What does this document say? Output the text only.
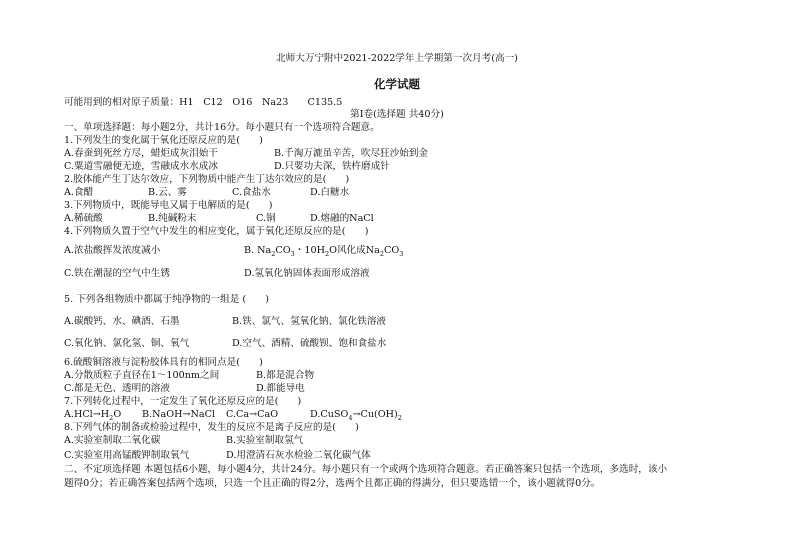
北师大万宁附中2021-2022学年上学期第一次月考(高一)
化学试题
可能用到的相对原子质量：H1　C12　O16　Na23　　C135.5
第Ⅰ卷(选择题 共40分)
一、单项选择题：每小题2分，共计16分。每小题只有一个选项符合题意。
1.下列发生的变化属于氧化还原反应的是(　　)
A.春蚕到死丝方尽，蜡炬成灰泪始干	B.千淘万漉虽辛苦，吹尽狂沙始到金
C.粟道雪融便无迹，雪融成水水成冰	D.只要功夫深，铁杵磨成针
2.胶体能产生丁达尔效应，下列物质中能产生丁达尔效应的是(　　)
A.食醋	B.云、雾	C.食盐水	D.白糖水
3.下列物质中，既能导电又属于电解质的是(　　)
A.稀硫酸	B.纯碱粉末	C.铜	D.熔融的NaCl
4.下列物质久置于空气中发生的相应变化，属于氧化还原反应的是(　　)
A.浓盐酸挥发浓度减小	B. $Na_2CO_3$・$10H_2O$风化成$Na_2CO_3$
C.铁在潮湿的空气中生锈	D.氢氧化钠固体表面形成溶液
5. 下列各组物质中都属于纯净物的一组是 (　　)
A.碳酸钙、水、碘酒、石墨	B.铁、氯气、氢氧化钠、氯化铁溶液
C.氧化钠、氯化氢、铜、氧气	D.空气、酒精、硫酸钡、饱和食盐水
6.硫酸铜溶液与淀粉胶体具有的相同点是(　　)
A.分散质粒子直径在1～100nm之间	B.都是混合物
C.都是无色、透明的溶液	D.都能导电
7.下列转化过程中，一定发生了氧化还原反应的是(　　)
$A.HCl\to H_2O$ B.NaOH→NaCl C.Ca→CaO	$D.CuSO_4\to Cu(OH)_2$
8.下列气体的制备或检验过程中，发生的反应不是离子反应的是(　　)
A.实验室制取二氧化碳	B.实验室制取氢气
C.实验室用高锰酸钾制取氧气	D.用澄清石灰水检验二氧化碳气体
二、不定项选择题 本题包括6小题，每小题4分，共计24分。每小题只有一个或两个选项符合题意。若正确答案只包括一个选项，多选时，该小
题得0分；若正确答案包括两个选项，只选一个且正确的得2分，选两个且都正确的得满分，但只要选错一个，该小题就得0分。
